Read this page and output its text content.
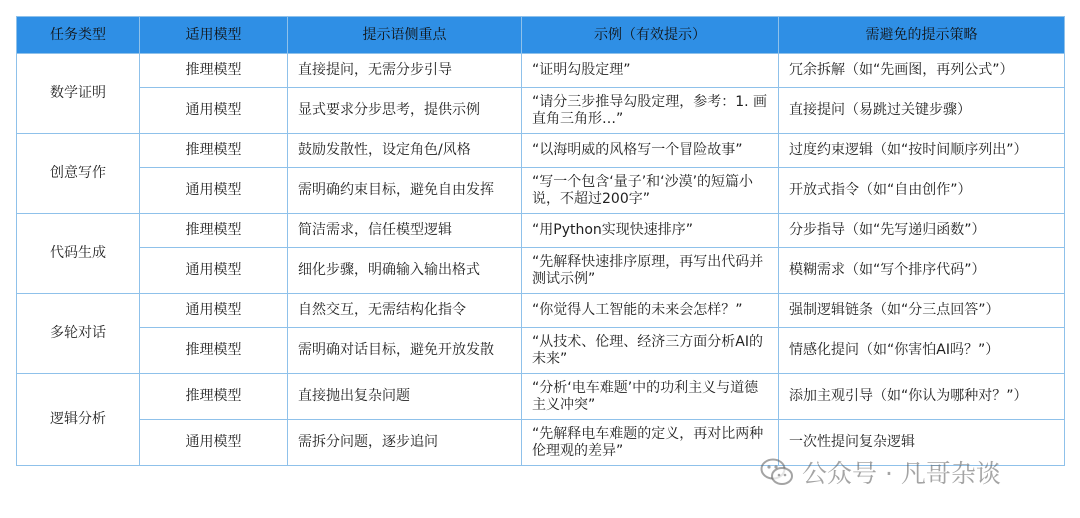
任务类型	适用模型	提示语侧重点	示例（有效提示）	需避免的提示策略
数学证明	推理模型	直接提问，无需分步引导	“证明勾股定理”	冗余拆解（如“先画图，再列公式”）
	通用模型	显式要求分步思考，提供示例	“请分三步推导勾股定理，参考：1. 画直角三角形…”	直接提问（易跳过关键步骤）
创意写作	推理模型	鼓励发散性，设定角色/风格	“以海明威的风格写一个冒险故事”	过度约束逻辑（如“按时间顺序列出”）
	通用模型	需明确约束目标，避免自由发挥	“写一个包含‘量子’和‘沙漠’的短篇小说，不超过200字”	开放式指令（如“自由创作”）
代码生成	推理模型	简洁需求，信任模型逻辑	“用Python实现快速排序”	分步指导（如“先写递归函数”）
	通用模型	细化步骤，明确输入输出格式	“先解释快速排序原理，再写出代码并测试示例”	模糊需求（如“写个排序代码”）
多轮对话	通用模型	自然交互，无需结构化指令	“你觉得人工智能的未来会怎样？”	强制逻辑链条（如“分三点回答”）
	推理模型	需明确对话目标，避免开放发散	“从技术、伦理、经济三方面分析AI的未来”	情感化提问（如“你害怕AI吗？”）
逻辑分析	推理模型	直接抛出复杂问题	“分析‘电车难题’中的功利主义与道德主义冲突”	添加主观引导（如“你认为哪种对？”）
	通用模型	需拆分问题，逐步追问	“先解释电车难题的定义，再对比两种伦理观的差异”	一次性提问复杂逻辑
公众号 · 凡哥杂谈
